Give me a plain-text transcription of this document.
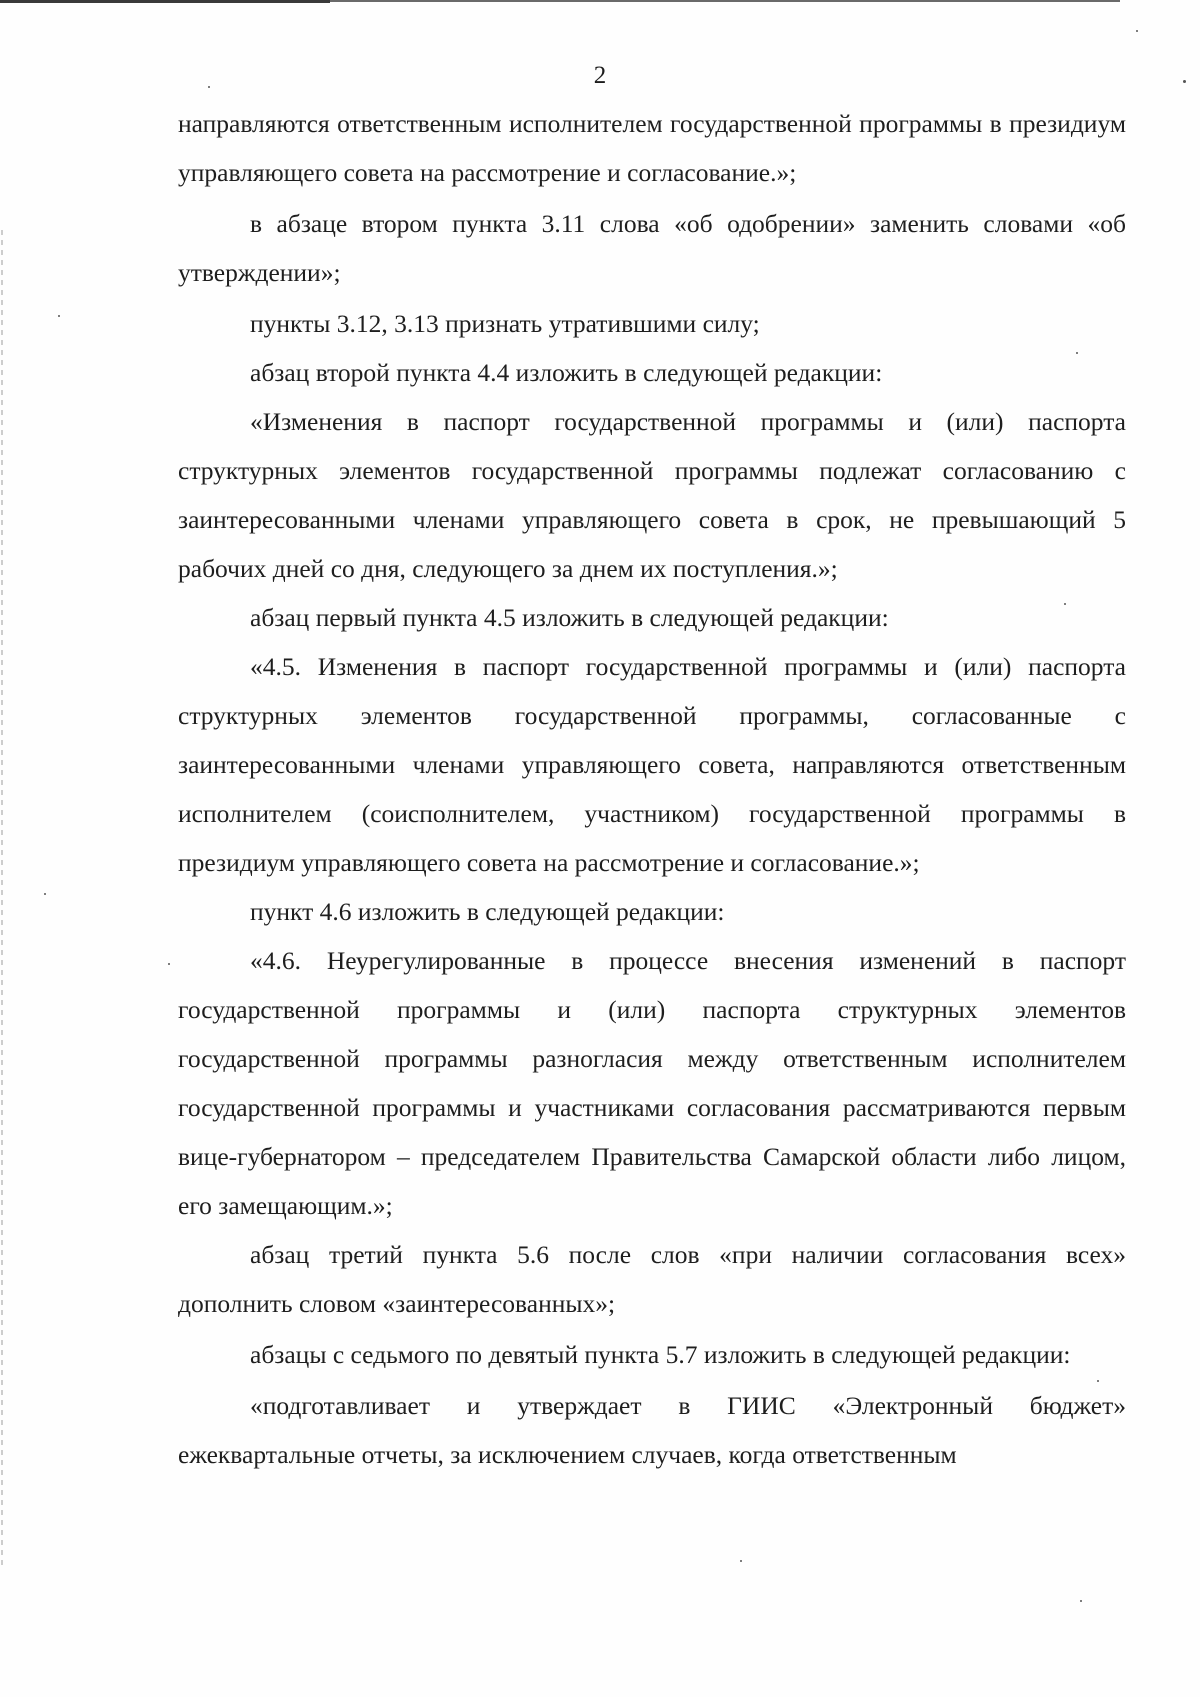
2

направляются ответственным исполнителем государственной программы в президиум управляющего совета на рассмотрение и согласование.»;

в абзаце втором пункта 3.11 слова «об одобрении» заменить словами «об утверждении»;

пункты 3.12, 3.13 признать утратившими силу;

абзац второй пункта 4.4 изложить в следующей редакции:

«Изменения в паспорт государственной программы и (или) паспорта структурных элементов государственной программы подлежат согласованию с заинтересованными членами управляющего совета в срок, не превышающий 5 рабочих дней со дня, следующего за днем их поступления.»;

абзац первый пункта 4.5 изложить в следующей редакции:

«4.5. Изменения в паспорт государственной программы и (или) паспорта структурных элементов государственной программы, согласованные с заинтересованными членами управляющего совета, направляются ответственным исполнителем (соисполнителем, участником) государственной программы в президиум управляющего совета на рассмотрение и согласование.»;

пункт 4.6 изложить в следующей редакции:

«4.6. Неурегулированные в процессе внесения изменений в паспорт государственной программы и (или) паспорта структурных элементов государственной программы разногласия между ответственным исполнителем государственной программы и участниками согласования рассматриваются первым вице-губернатором – председателем Правительства Самарской области либо лицом, его замещающим.»;

абзац третий пункта 5.6 после слов «при наличии согласования всех» дополнить словом «заинтересованных»;

абзацы с седьмого по девятый пункта 5.7 изложить в следующей редакции:

«подготавливает и утверждает в ГИИС «Электронный бюджет» ежеквартальные отчеты, за исключением случаев, когда ответственным
